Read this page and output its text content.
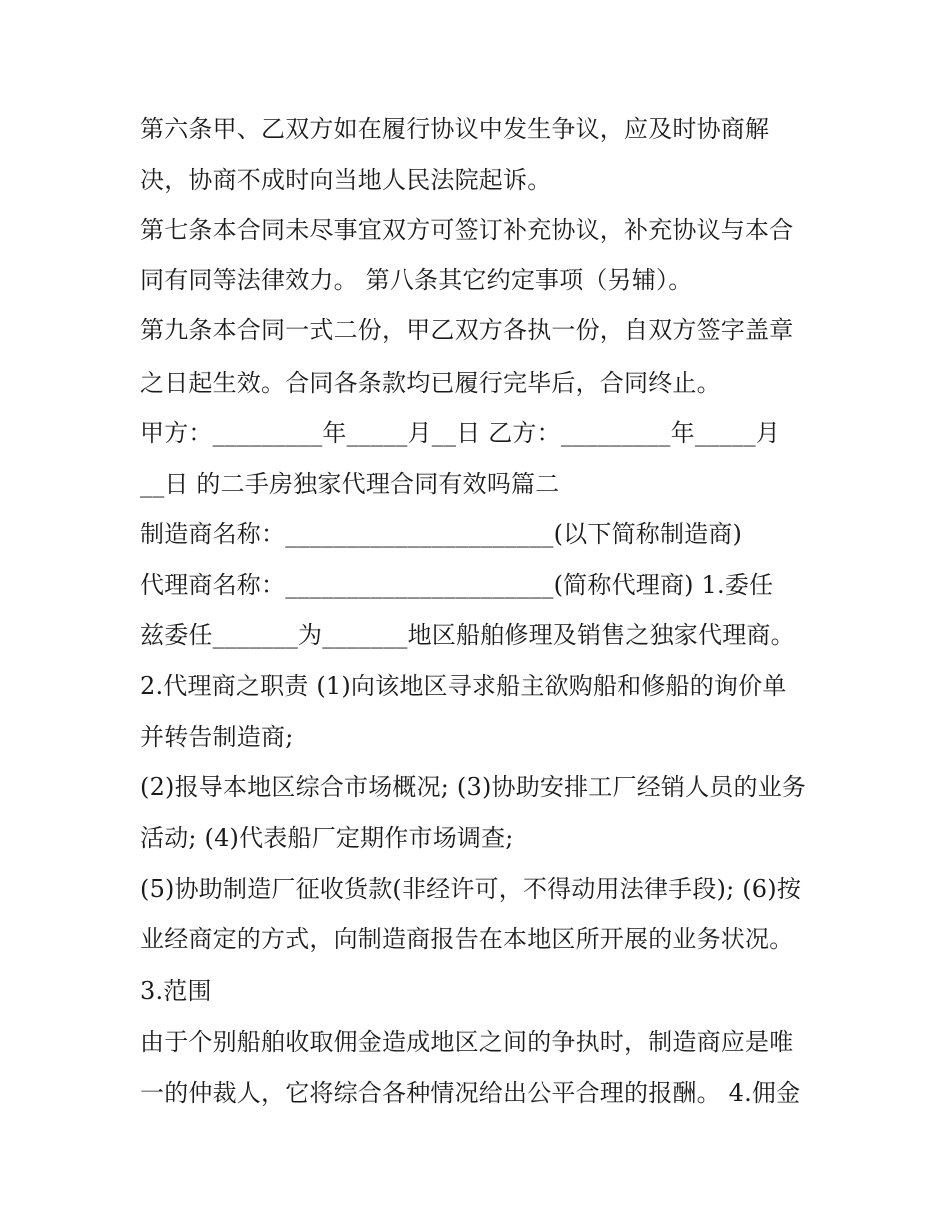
第六条甲、乙双方如在履行协议中发生争议，应及时协商解
决，协商不成时向当地人民法院起诉。
第七条本合同未尽事宜双方可签订补充协议，补充协议与本合
同有同等法律效力。 第八条其它约定事项（另辅）。
第九条本合同一式二份，甲乙双方各执一份，自双方签字盖章
之日起生效。合同各条款均已履行完毕后，合同终止。
甲方：_________年_____月__日 乙方：_________年_____月
__日 的二手房独家代理合同有效吗篇二
制造商名称：______________________(以下简称制造商)
代理商名称：______________________(简称代理商) 1.委任
兹委任_______为_______地区船舶修理及销售之独家代理商。
2.代理商之职责 (1)向该地区寻求船主欲购船和修船的询价单
并转告制造商;
(2)报导本地区综合市场概况; (3)协助安排工厂经销人员的业务
活动; (4)代表船厂定期作市场调查;
(5)协助制造厂征收货款(非经许可，不得动用法律手段); (6)按
业经商定的方式，向制造商报告在本地区所开展的业务状况。
3.范围
由于个别船舶收取佣金造成地区之间的争执时，制造商应是唯
一的仲裁人，它将综合各种情况给出公平合理的报酬。 4.佣金
